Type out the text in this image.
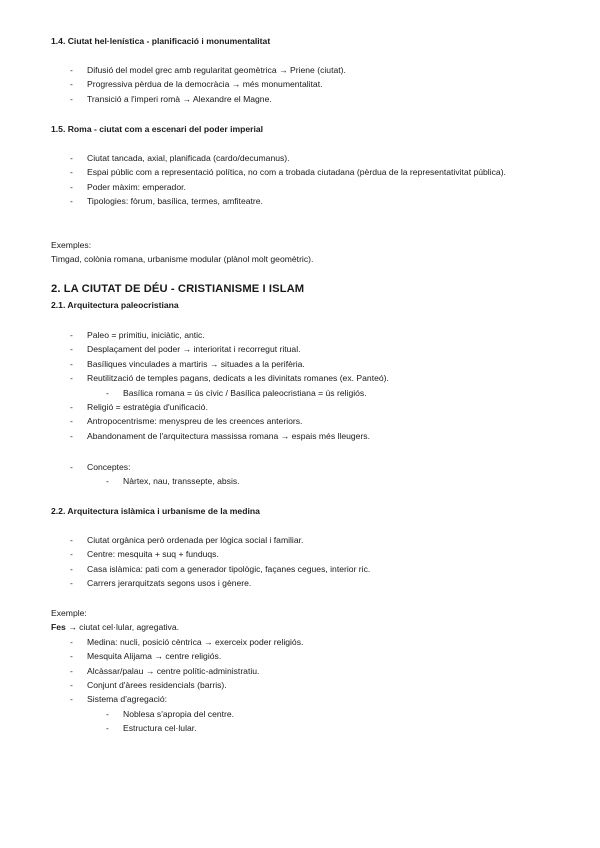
1.4. Ciutat hel·lenística - planificació i monumentalitat

- Difusió del model grec amb regularitat geomètrica → Priene (ciutat).
- Progressiva pèrdua de la democràcia → més monumentalitat.
- Transició a l'imperi romà → Alexandre el Magne.

1.5. Roma - ciutat com a escenari del poder imperial

- Ciutat tancada, axial, planificada (cardo/decumanus).
- Espai públic com a representació política, no com a trobada ciutadana (pèrdua de la representativitat pública).
- Poder màxim: emperador.
- Tipologies: fòrum, basílica, termes, amfiteatre.

Exemples:

Timgad, colònia romana, urbanisme modular (plànol molt geomètric).

2. LA CIUTAT DE DÉU - CRISTIANISME I ISLAM

2.1. Arquitectura paleocristiana

- Paleo = primitiu, iniciàtic, antic.
- Desplaçament del poder → interioritat i recorregut ritual.
- Basíliques vinculades a martiris → situades a la perifèria.
- Reutilització de temples pagans, dedicats a les divinitats romanes (ex. Panteó).
- Basílica romana = ús cívic / Basílica paleocristiana = ús religiós.
- Religió = estratègia d'unificació.
- Antropocentrisme: menyspreu de les creences anteriors.
- Abandonament de l'arquitectura massissa romana → espais més lleugers.
- Conceptes:
- Nàrtex, nau, transsepte, absis.

2.2. Arquitectura islàmica i urbanisme de la medina

- Ciutat orgànica però ordenada per lògica social i familiar.
- Centre: mesquita + suq + funduqs.
- Casa islàmica: pati com a generador tipològic, façanes cegues, interior ric.
- Carrers jerarquitzats segons usos i gènere.

Exemple:

Fes → ciutat cel·lular, agregativa.

- Medina: nucli, posició cèntrica → exerceix poder religiós.
- Mesquita Alijama → centre religiós.
- Alcàssar/palau → centre polític-administratiu.
- Conjunt d'àrees residencials (barris).
- Sistema d'agregació:
- Noblesa s'apropia del centre.
- Estructura cel·lular.
